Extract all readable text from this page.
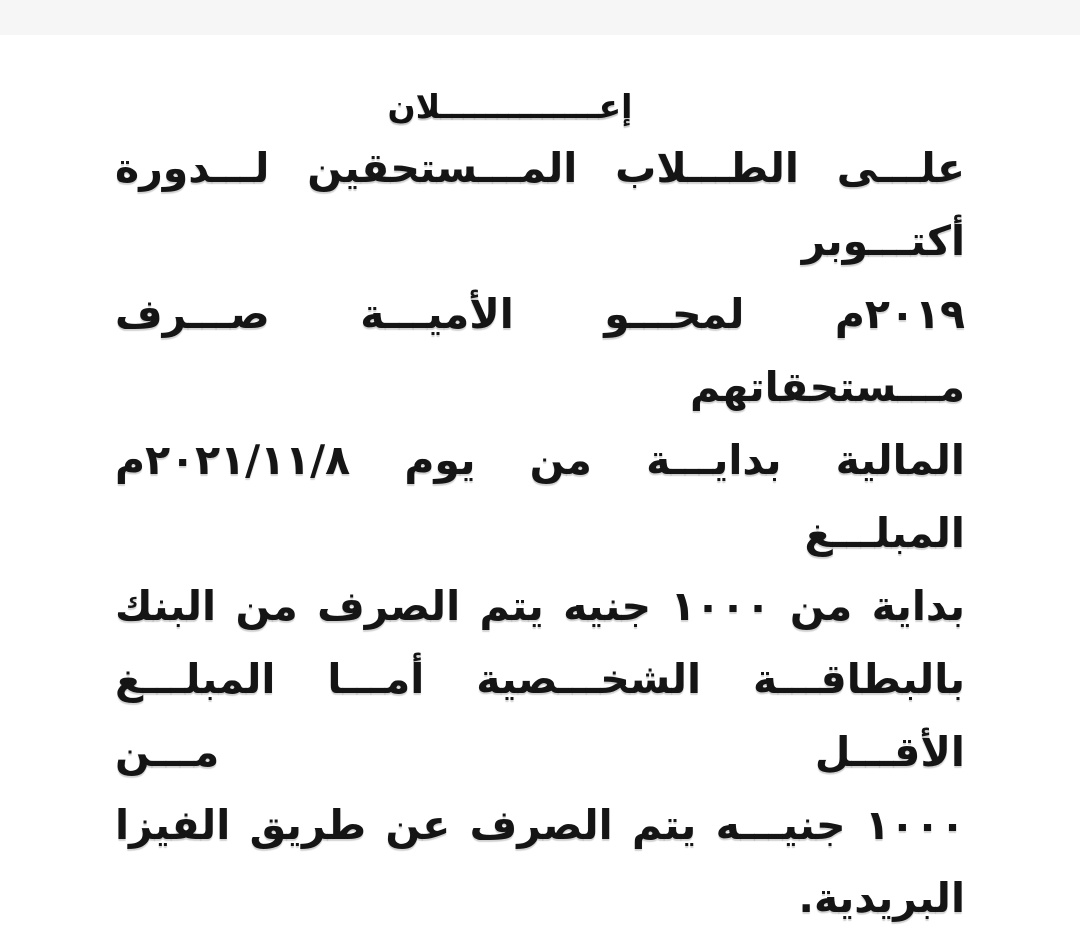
إعــــــــــــــلان
علـــى الطـــلاب المـــستحقين لـــدورة أكتـــوبر
٢٠١٩م لمحـــو الأميـــة صـــرف مـــستحقاتهم
المالية بدايـــة من يوم ٢٠٢١/١١/٨م المبلـــغ
بداية من ١٠٠٠ جنيه يتم الصرف من البنك
بالبطاقـــة الشخـــصية أمـــا المبلـــغ الأقـــل مـــن
١٠٠٠ جنيـــه يتم الصرف عن طريق الفيزا
البريدية.
